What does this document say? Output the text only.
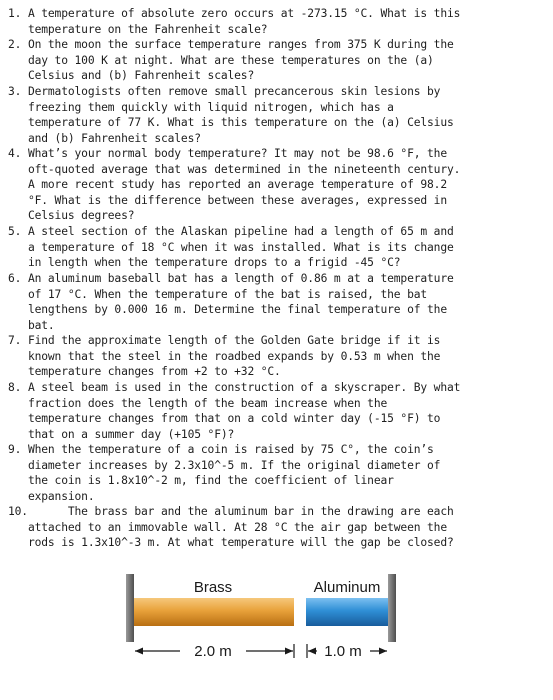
1. A temperature of absolute zero occurs at -273.15 °C. What is this
temperature on the Fahrenheit scale?
2. On the moon the surface temperature ranges from 375 K during the
day to 100 K at night. What are these temperatures on the (a)
Celsius and (b) Fahrenheit scales?
3. Dermatologists often remove small precancerous skin lesions by
freezing them quickly with liquid nitrogen, which has a
temperature of 77 K. What is this temperature on the (a) Celsius
and (b) Fahrenheit scales?
4. What’s your normal body temperature? It may not be 98.6 °F, the
oft-quoted average that was determined in the nineteenth century.
A more recent study has reported an average temperature of 98.2
°F. What is the difference between these averages, expressed in
Celsius degrees?
5. A steel section of the Alaskan pipeline had a length of 65 m and
a temperature of 18 °C when it was installed. What is its change
in length when the temperature drops to a frigid -45 °C?
6. An aluminum baseball bat has a length of 0.86 m at a temperature
of 17 °C. When the temperature of the bat is raised, the bat
lengthens by 0.000 16 m. Determine the final temperature of the
bat.
7. Find the approximate length of the Golden Gate bridge if it is
known that the steel in the roadbed expands by 0.53 m when the
temperature changes from +2 to +32 °C.
8. A steel beam is used in the construction of a skyscraper. By what
fraction does the length of the beam increase when the
temperature changes from that on a cold winter day (-15 °F) to
that on a summer day (+105 °F)?
9. When the temperature of a coin is raised by 75 C°, the coin’s
diameter increases by 2.3x10^-5 m. If the original diameter of
the coin is 1.8x10^-2 m, find the coefficient of linear
expansion.
10.      The brass bar and the aluminum bar in the drawing are each
attached to an immovable wall. At 28 °C the air gap between the
rods is 1.3x10^-3 m. At what temperature will the gap be closed?
Brass	Aluminum
2.0 m	1.0 m
